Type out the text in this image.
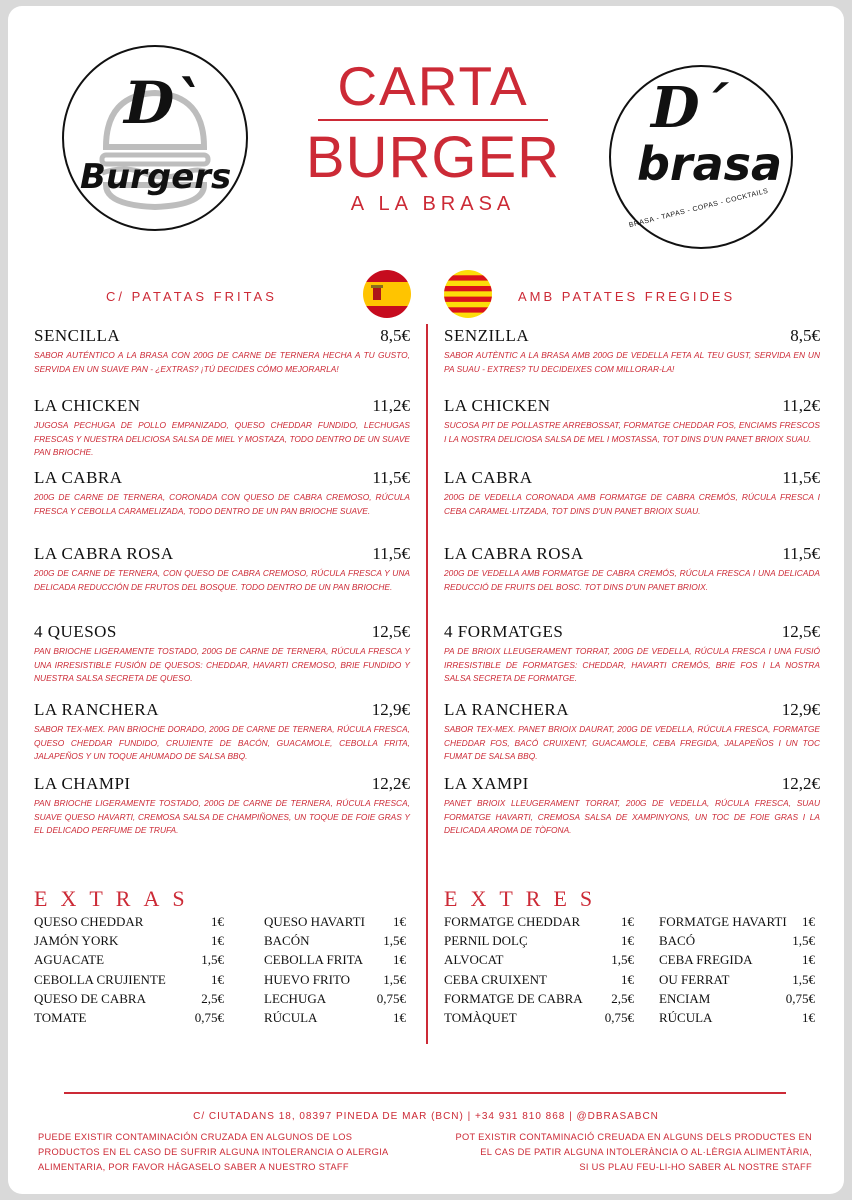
D`
Burgers
CARTA
BURGER
A LA BRASA
D´
brasa
BRASA - TAPAS - COPAS - COCKTAILS
C/ PATATAS FRITAS	AMB PATATES FREGIDES
SENCILLA	8,5€
SABOR AUTÉNTICO A LA BRASA CON 200G DE CARNE DE TERNERA HECHA A TU GUSTO, SERVIDA EN UN SUAVE PAN - ¿EXTRAS? ¡TÚ DECIDES CÓMO MEJORARLA!
LA CHICKEN	11,2€
JUGOSA PECHUGA DE POLLO EMPANIZADO, QUESO CHEDDAR FUNDIDO, LECHUGAS FRESCAS Y NUESTRA DELICIOSA SALSA DE MIEL Y MOSTAZA, TODO DENTRO DE UN SUAVE PAN BRIOCHE.
LA CABRA	11,5€
200G DE CARNE DE TERNERA, CORONADA CON QUESO DE CABRA CREMOSO, RÚCULA FRESCA Y CEBOLLA CARAMELIZADA, TODO DENTRO DE UN PAN BRIOCHE SUAVE.
LA CABRA ROSA	11,5€
200G DE CARNE DE TERNERA, CON QUESO DE CABRA CREMOSO, RÚCULA FRESCA Y UNA DELICADA REDUCCIÓN DE FRUTOS DEL BOSQUE. TODO DENTRO DE UN PAN BRIOCHE.
4 QUESOS	12,5€
PAN BRIOCHE LIGERAMENTE TOSTADO, 200G DE CARNE DE TERNERA, RÚCULA FRESCA Y UNA IRRESISTIBLE FUSIÓN DE QUESOS: CHEDDAR, HAVARTI CREMOSO, BRIE FUNDIDO Y NUESTRA SALSA SECRETA DE QUESO.
LA RANCHERA	12,9€
SABOR TEX-MEX. PAN BRIOCHE DORADO, 200G DE CARNE DE TERNERA, RÚCULA FRESCA, QUESO CHEDDAR FUNDIDO, CRUJIENTE DE BACÓN, GUACAMOLE, CEBOLLA FRITA, JALAPEÑOS Y UN TOQUE AHUMADO DE SALSA BBQ.
LA CHAMPI	12,2€
PAN BRIOCHE LIGERAMENTE TOSTADO, 200G DE CARNE DE TERNERA, RÚCULA FRESCA, SUAVE QUESO HAVARTI, CREMOSA SALSA DE CHAMPIÑONES, UN TOQUE DE FOIE GRAS Y EL DELICADO PERFUME DE TRUFA.
SENZILLA	8,5€
SABOR AUTÈNTIC A LA BRASA AMB 200G DE VEDELLA FETA AL TEU GUST, SERVIDA EN UN PA SUAU - EXTRES? TU DECIDEIXES COM MILLORAR-LA!
LA CHICKEN	11,2€
SUCOSA PIT DE POLLASTRE ARREBOSSAT, FORMATGE CHEDDAR FOS, ENCIAMS FRESCOS I LA NOSTRA DELICIOSA SALSA DE MEL I MOSTASSA, TOT DINS D'UN PANET BRIOIX SUAU.
LA CABRA	11,5€
200G DE VEDELLA CORONADA AMB FORMATGE DE CABRA CREMÓS, RÚCULA FRESCA I CEBA CARAMEL·LITZADA, TOT DINS D'UN PANET BRIOIX SUAU.
LA CABRA ROSA	11,5€
200G DE VEDELLA AMB FORMATGE DE CABRA CREMÓS, RÚCULA FRESCA I UNA DELICADA REDUCCIÓ DE FRUITS DEL BOSC. TOT DINS D'UN PANET BRIOIX.
4 FORMATGES	12,5€
PA DE BRIOIX LLEUGERAMENT TORRAT, 200G DE VEDELLA, RÚCULA FRESCA I UNA FUSIÓ IRRESISTIBLE DE FORMATGES: CHEDDAR, HAVARTI CREMÓS, BRIE FOS I LA NOSTRA SALSA SECRETA DE FORMATGE.
LA RANCHERA	12,9€
SABOR TEX-MEX. PANET BRIOIX DAURAT, 200G DE VEDELLA, RÚCULA FRESCA, FORMATGE CHEDDAR FOS, BACÓ CRUIXENT, GUACAMOLE, CEBA FREGIDA, JALAPEÑOS I UN TOC FUMAT DE SALSA BBQ.
LA XAMPI	12,2€
PANET BRIOIX LLEUGERAMENT TORRAT, 200G DE VEDELLA, RÚCULA FRESCA, SUAU FORMATGE HAVARTI, CREMOSA SALSA DE XAMPINYONS, UN TOC DE FOIE GRAS I LA DELICADA AROMA DE TÒFONA.
EXTRAS
QUESO CHEDDAR	1€
JAMÓN YORK	1€
AGUACATE	1,5€
CEBOLLA CRUJIENTE	1€
QUESO DE CABRA	2,5€
TOMATE	0,75€
QUESO HAVARTI 1€
BACÓN	1,5€
CEBOLLA FRITA 1€
HUEVO FRITO	1,5€
LECHUGA	0,75€
RÚCULA	1€
EXTRES
FORMATGE CHEDDAR	1€
PERNIL DOLÇ	1€
ALVOCAT	1,5€
CEBA CRUIXENT	1€
FORMATGE DE CABRA 2,5€
TOMÀQUET	0,75€
FORMATGE HAVARTI 1€
BACÓ	1,5€
CEBA FREGIDA	1€
OU FERRAT	1,5€
ENCIAM	0,75€
RÚCULA	1€
C/ CIUTADANS 18, 08397 PINEDA DE MAR (BCN) | +34 931 810 868 | @DBRASABCN
PUEDE EXISTIR CONTAMINACIÓN CRUZADA EN ALGUNOS DE LOS
PRODUCTOS EN EL CASO DE SUFRIR ALGUNA INTOLERANCIA O ALERGIA
ALIMENTARIA, POR FAVOR HÁGASELO SABER A NUESTRO STAFF
POT EXISTIR CONTAMINACIÓ CREUADA EN ALGUNS DELS PRODUCTES EN
EL CAS DE PATIR ALGUNA INTOLERÀNCIA O AL·LÈRGIA ALIMENTÀRIA,
SI US PLAU FEU-LI-HO SABER AL NOSTRE STAFF
